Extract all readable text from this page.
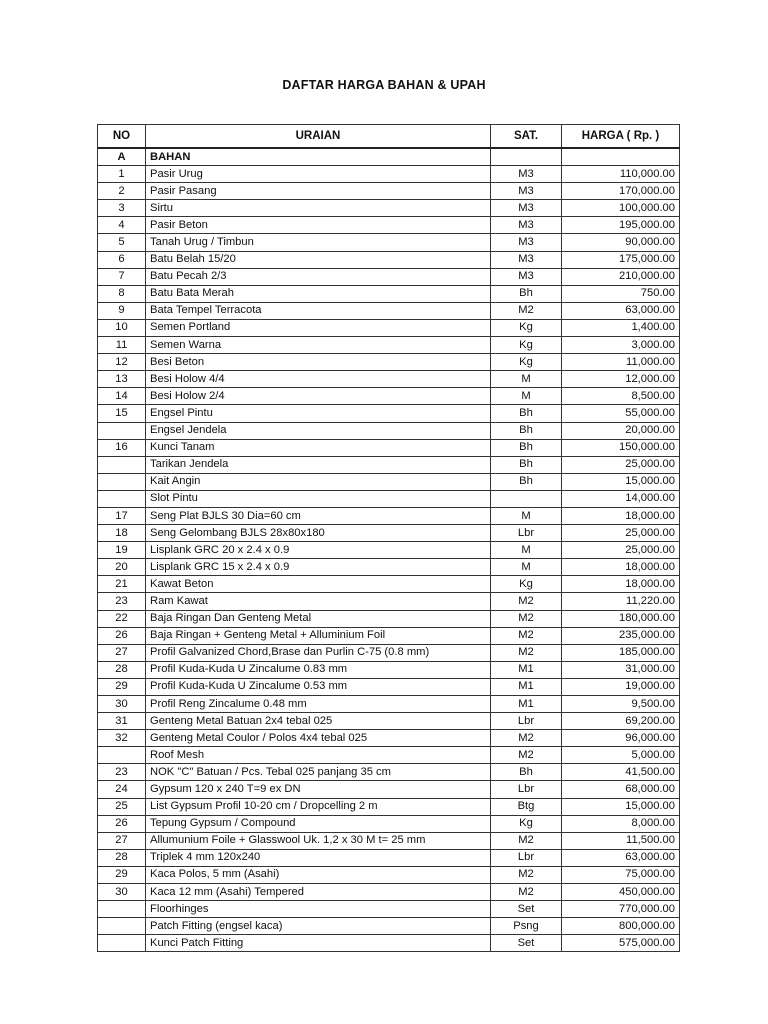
DAFTAR HARGA BAHAN & UPAH
NO	URAIAN	SAT.	HARGA ( Rp. )
A	BAHAN		
1	Pasir Urug	M3	110,000.00
2	Pasir Pasang	M3	170,000.00
3	Sirtu	M3	100,000.00
4	Pasir Beton	M3	195,000.00
5	Tanah Urug / Timbun	M3	90,000.00
6	Batu Belah 15/20	M3	175,000.00
7	Batu Pecah 2/3	M3	210,000.00
8	Batu Bata Merah	Bh	750.00
9	Bata Tempel Terracota	M2	63,000.00
10	Semen Portland	Kg	1,400.00
11	Semen Warna	Kg	3,000.00
12	Besi Beton	Kg	11,000.00
13	Besi Holow 4/4	M	12,000.00
14	Besi Holow 2/4	M	8,500.00
15	Engsel Pintu	Bh	55,000.00
	Engsel Jendela	Bh	20,000.00
16	Kunci Tanam	Bh	150,000.00
	Tarikan Jendela	Bh	25,000.00
	Kait Angin	Bh	15,000.00
	Slot Pintu		14,000.00
17	Seng Plat BJLS 30 Dia=60 cm	M	18,000.00
18	Seng Gelombang BJLS 28x80x180	Lbr	25,000.00
19	Lisplank GRC 20 x 2.4 x 0.9	M	25,000.00
20	Lisplank GRC 15 x 2.4 x 0.9	M	18,000.00
21	Kawat Beton	Kg	18,000.00
23	Ram Kawat	M2	11,220.00
22	Baja Ringan Dan Genteng Metal	M2	180,000.00
26	Baja Ringan + Genteng Metal + Alluminium Foil	M2	235,000.00
27	Profil Galvanized Chord,Brase dan Purlin C-75 (0.8 mm)	M2	185,000.00
28	Profil Kuda-Kuda U Zincalume 0.83 mm	M1	31,000.00
29	Profil Kuda-Kuda U Zincalume 0.53 mm	M1	19,000.00
30	Profil Reng Zincalume 0.48 mm	M1	9,500.00
31	Genteng Metal Batuan 2x4 tebal 025	Lbr	69,200.00
32	Genteng Metal Coulor / Polos 4x4 tebal 025	M2	96,000.00
	Roof Mesh	M2	5,000.00
23	NOK "C" Batuan / Pcs. Tebal 025 panjang 35 cm	Bh	41,500.00
24	Gypsum 120 x 240 T=9 ex DN	Lbr	68,000.00
25	List Gypsum Profil 10-20 cm / Dropcelling 2 m	Btg	15,000.00
26	Tepung Gypsum / Compound	Kg	8,000.00
27	Allumunium Foile + Glasswool Uk. 1,2 x 30 M t= 25 mm	M2	11,500.00
28	Triplek 4 mm 120x240	Lbr	63,000.00
29	Kaca Polos, 5 mm (Asahi)	M2	75,000.00
30	Kaca 12 mm (Asahi) Tempered	M2	450,000.00
	Floorhinges	Set	770,000.00
	Patch Fitting (engsel kaca)	Psng	800,000.00
	Kunci Patch Fitting	Set	575,000.00
